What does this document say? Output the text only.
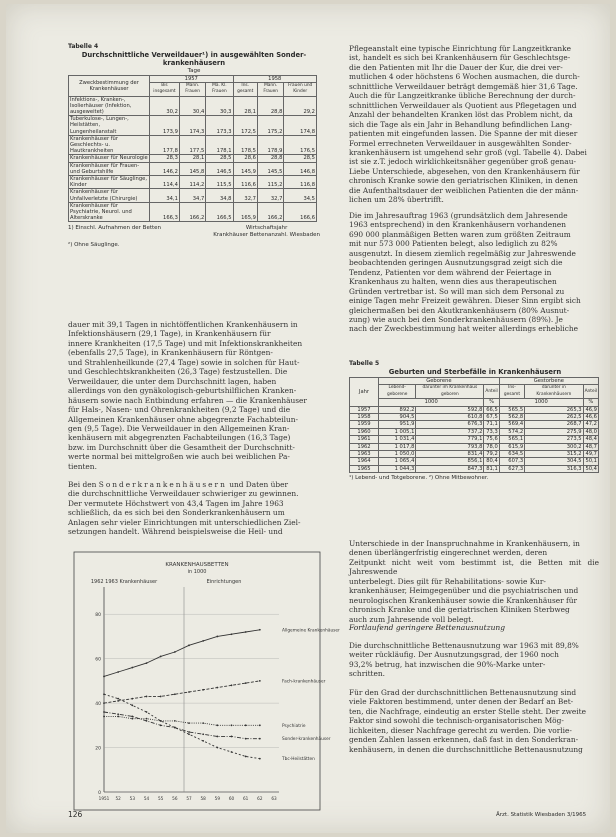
Tabelle 4
Durchschnittliche Verweildauer¹) in ausgewählten Sonder-
krankenhäusern
Tage
Zweckbestimmung der Krankenhäuser	1957			1958		
	Bis insgesamt	Mann. Frauen	Mä. Kl. Frauen	Ins. gesamt	Mann. Frauen	Frauen und Kinder
Infektions-, Kranken-, Isolierhäuser (Infektion, ausgeweitet)	30,2	30,4	30,3	28,1	28,8	29,2
Tuberkulose-, Lungen-, Heilstätten, Lungenheilanstalt	173,9	174,3	173,3	172,5	175,2	174,8
Krankenhäuser für Geschlechts- u. Hautkrankheiten	177,8	177,5	178,1	178,5	178,9	176,5
Krankenhäuser für Neurologie	28,3	28,1	28,5	28,6	28,8	28,5
Krankenhäuser für Frauen- und Geburtshilfe	146,2	145,8	146,5	145,9	145,5	146,8
Krankenhäuser für Säuglinge, Kinder	114,4	114,2	115,5	116,6	115,2	116,8
Krankenhäuser für Unfallverletzte (Chirurgie)	34,1	34,7	34,8	32,7	32,7	34,5
Krankenhäuser für Psychiatrie, Neurol. und Alterskranke	166,3	166,2	166,5	165,9	166,2	166,6
1) Einschl. Aufnahmen der Betten	Wirtschaftsjahr
Krankhäuser Bettenanzahl. Wiesbaden
²) Ohne Säuglinge.
dauer mit 39,1 Tagen in nichtöffentlichen Krankenhäusern in
Infektionshäusern (29,1 Tage), in Krankenhäusern für
innere Krankheiten (17,5 Tage) und mit Infektionskrankheiten
(ebenfalls 27,5 Tage), in Krankenhäusern für Röntgen-
und Strahlenheilkunde (27,4 Tage) sowie in solchen für Haut-
und Geschlechtskrankheiten (26,3 Tage) festzustellen. Die
Verweildauer, die unter dem Durchschnitt lagen, haben
allerdings von den gynäkologisch-geburtshilflichen Kranken-
häusern sowie nach Entbindung erfahren — die Krankenhäuser
für Hals-, Nasen- und Ohrenkrankheiten (9,2 Tage) und die
Allgemeinen Krankenhäuser ohne abgegrenzte Fachabteilun-
gen (9,5 Tage). Die Verweildauer in den Allgemeinen Kran-
kenhäusern mit abgegrenzten Fachabteilungen (16,3 Tage)
bzw. im Durchschnitt über die Gesamtheit der Durchschnitt-
werte normal bei mittelgroßen wie auch bei weiblichen Pa-
tienten.
Bei den Sonderkrankenhäusern und Daten über
die durchschnittliche Verweildauer schwieriger zu gewinnen.
Der vermutete Höchstwert von 43,4 Tagen im Jahre 1963
schließlich, da es sich bei den Sonderkrankenhäusern um
Anlagen sehr vieler Einrichtungen mit unterschiedlichen Ziel-
setzungen handelt. Während beispielsweise die Heil- und
KRANKENHAUSBETTEN
in 1000
1962 1963 Krankenhäuser	Einrichtungen
80
60
40
20
0
1951 52 53 54 55 56 57 58 59 60 61 62 63
Allgemeine Krankenhäuser
Fach-krankenhäuser
Psychiatrie
Sonder-krankenhäuser
Tbc-Heilstätten
126
Pflegeanstalt eine typische Einrichtung für Langzeitkranke
ist, handelt es sich bei Krankenhäusern für Geschlechtsge-
die den Patienten mit Ihr die Dauer der Kur, die drei ver-
mutlichen 4 oder höchstens 6 Wochen ausmachen, die durch-
schnittliche Verweildauer beträgt demgemäß hier 31,6 Tage.
Auch die für Langzeitkranke übliche Berechnung der durch-
schnittlichen Verweildauer als Quotient aus Pflegetagen und
Anzahl der behandelten Kranken löst das Problem nicht, da
sich die Tage als ein Jahr in Behandlung befindlichen Lang-
patienten mit eingefunden lassen. Die Spanne der mit dieser
Formel errechneten Verweildauer in ausgewählten Sonder-
krankenhäusern ist umgehend sehr groß (vgl. Tabelle 4). Dabei
ist sie z.T. jedoch wirklichkeitsnäher gegenüber groß genau-
Liebe Unterschiede, abgesehen, von den Krankenhäusern für
chronisch Kranke sowie den geriatrischen Kliniken, in denen
die Aufenthaltsdauer der weiblichen Patienten die der männ-
lichen um 28% übertrifft.
Die im Jahresauftrag 1963 (grundsätzlich dem Jahresende
1963 entsprechend) in den Krankenhäusern vorhandenen
690 000 planmäßigen Betten waren zum größten Zeitraum
mit nur 573 000 Patienten belegt, also lediglich zu 82%
ausgenutzt. In diesem ziemlich regelmäßig zur Jahreswende
beobachtenden geringen Ausnutzungsgrad zeigt sich die
Tendenz, Patienten vor dem während der Feiertage in
Krankenhaus zu halten, wenn dies aus therapeutischen
Gründen vertretbar ist. So will man sich dem Personal zu
einige Tagen mehr Freizeit gewähren. Dieser Sinn ergibt sich
gleichermaßen bei den Akutkrankenhäusern (80% Ausnut-
zung) wie auch bei den Sonderkrankenhäusern (89%). Je
nach der Zweckbestimmung hat weiter allerdings erhebliche
Tabelle 5
Geburten und Sterbefälle in Krankenhäusern
Jahr	Geborene			Gestorbene		
	Lebend-geborene	darunter im Krankenhaus geboren	Anteil	Ins-gesamt	darunter in Krankenhäusern	Anteil
	1000		%	1000		%
1957	892,2	592,8	66,5	565,5	265,3	46,9
1958	904,5	610,8	67,5	562,8	262,5	46,6
1959	951,9	676,3	71,1	569,4	268,7	47,2
1960	1 005,1	737,2	73,3	574,2	275,9	48,0
1961	1 031,4	779,1	75,6	565,1	273,5	48,4
1962	1 017,8	793,8	78,0	615,9	300,2	48,7
1963	1 050,0	831,4	79,2	634,5	315,2	49,7
1964	1 065,4	856,1	80,4	607,3	304,5	50,1
1965	1 044,3	847,3	81,1	627,3	316,3	50,4
¹) Lebend- und Totgeborene. ²) Ohne Mitbewohner.
Unterschiede in der Inanspruchnahme in Krankenhäusern, in
denen überlängerfristig eingerechnet werden, deren
Zeitpunkt nicht weit vom bestimmt ist, die Betten mit die Jahreswende
unterbelegt. Dies gilt für Rehabilitations- sowie Kur-
krankenhäuser, Heimgegenüber und die psychiatrischen und
neurologischen Krankenhäuser sowie die Krankenhäuser für
chronisch Kranke und die geriatrischen Kliniken Sterbweg
auch zum Jahresende voll belegt.
Fortlaufend geringere Bettenausnutzung
Die durchschnittliche Bettenausnutzung war 1963 mit 89,8%
weiter rückläufig. Der Ausnutzungsgrad, der 1960 noch
93,2% betrug, hat inzwischen die 90%-Marke unter-
schritten.
Für den Grad der durchschnittlichen Bettenausnutzung sind
viele Faktoren bestimmend, unter denen der Bedarf an Bet-
ten, die Nachfrage, eindeutig an erster Stelle steht. Der zweite
Faktor sind sowohl die technisch-organisatorischen Mög-
lichkeiten, dieser Nachfrage gerecht zu werden. Die vorlie-
genden Zahlen lassen erkennen, daß fast in den Sonderkran-
kenhäusern, in denen die durchschnittliche Bettenausnutzung
Ärzt. Statistik Wiesbaden 3/1965
